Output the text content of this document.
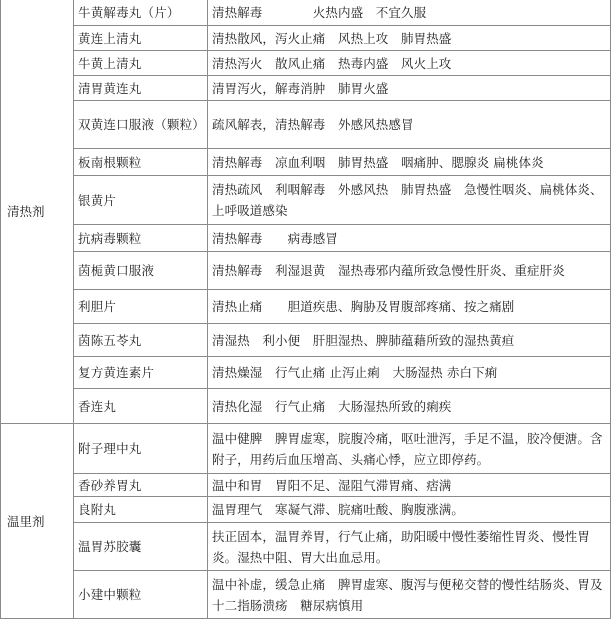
清热剂	牛黄解毒丸（片）	清热解毒　　　　火热内盛　不宜久服
	黄连上清丸	清热散风，泻火止痛　风热上攻　肺胃热盛
	牛黄上清丸	清热泻火　散风止痛　热毒内盛　风火上攻
	清胃黄连丸	清胃泻火，解毒消肿　肺胃火盛
	双黄连口服液（颗粒）	疏风解表，清热解毒　外感风热感冒
	板南根颗粒	清热解毒　凉血利咽　肺胃热盛　咽痛肿、腮腺炎 扁桃体炎
	银黄片	清热疏风　利咽解毒　外感风热　肺胃热盛　急慢性咽炎、扁桃体炎、上呼吸道感染
	抗病毒颗粒	清热解毒　　病毒感冒
	茵栀黄口服液	清热解毒　利湿退黄　湿热毒邪内蕴所致急慢性肝炎、重症肝炎
	利胆片	清热止痛　　胆道疾患、胸胁及胃腹部疼痛、按之痛剧
	茵陈五苓丸	清湿热　利小便　肝胆湿热、脾肺蕴藉所致的湿热黄疸
	复方黄连素片	清热燥湿　行气止痛 止泻止痢　大肠湿热 赤白下痢
	香连丸	清热化湿　行气止痛　大肠湿热所致的痢疾
温里剂	附子理中丸	温中健脾　脾胃虚寒，脘腹冷痛，呕吐泄泻，手足不温，胶冷便溏。含附子，用药后血压增高、头痛心悸，应立即停药。
	香砂养胃丸	温中和胃　胃阳不足、湿阻气滞胃痛、痞满
	良附丸	温胃理气　寒凝气滞、脘痛吐酸、胸腹涨满。
	温胃苏胶囊	扶正固本，温胃养胃，行气止痛，助阳暖中慢性萎缩性胃炎、慢性胃炎。湿热中阻、胃大出血忌用。
	小建中颗粒	温中补虚，缓急止痛　脾胃虚寒、腹泻与便秘交替的慢性结肠炎、胃及十二指肠溃疡　糖尿病慎用
